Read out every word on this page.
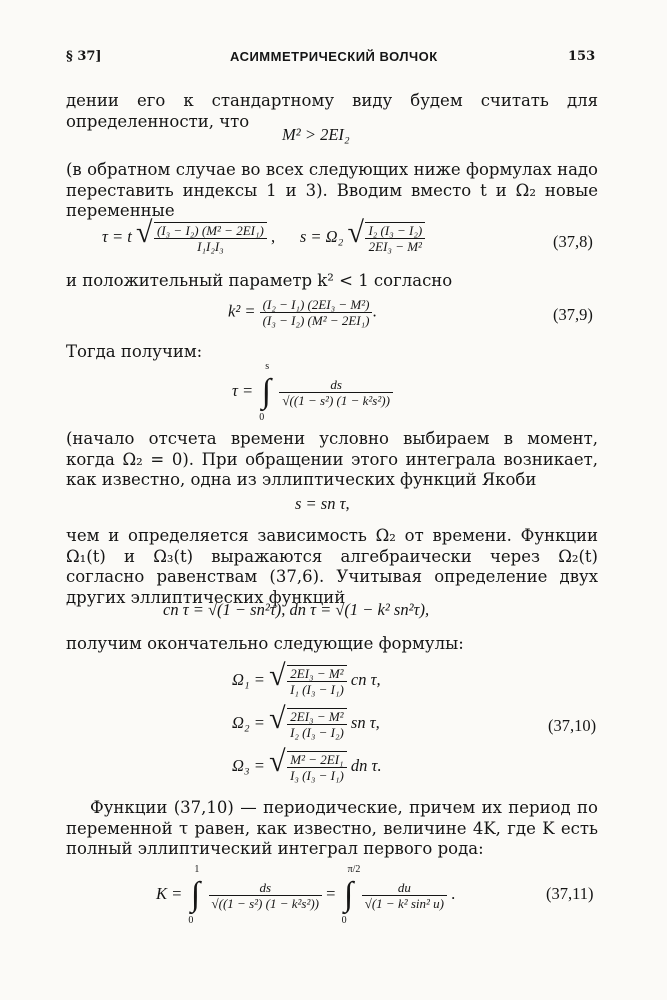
§ 37]	АСИММЕТРИЧЕСКИЙ ВОЛЧОК	153
дении его к стандартному виду будем считать для определенности, что
M² > 2EI₂
(в обратном случае во всех следующих ниже формулах надо переставить индексы 1 и 3). Вводим вместо t и Ω₂ новые переменные
τ = t √ $\frac{\text{(I₃ − I₂) (M² − 2EI₁)}}{\text{I₁I₂I₃}}$ ,      s = Ω₂ √ $\frac{\text{I₂ (I₃ − I₂)}}{\text{2EI₃ − M²}}$	(37,8)
и положительный параметр k² < 1 согласно
$k^2 = \frac{\text{(I₂ − I₁) (2EI₃ − M²)}}{\text{(I₃ − I₂) (M² − 2EI₁)}}$ .	(37,9)
Тогда получим:
τ =
s
∫
0

$\frac{ds}{\text{√((1 − s²) (1 − k²s²))}}$
(начало отсчета времени условно выбираем в момент, когда Ω₂ = 0). При обращении этого интеграла возникает, как известно, одна из эллиптических функций Якоби
s = sn τ,
чем и определяется зависимость Ω₂ от времени. Функции Ω₁(t) и Ω₃(t) выражаются алгебраически через Ω₂(t) согласно равенствам (37,6). Учитывая определение двух других эллиптических функций
cn τ = √(1 − sn²τ), dn τ = √(1 − k² sn²τ),
получим окончательно следующие формулы:
Ω₁ = √ $\frac{\text{2EI₃ − M²}}{\text{I₁ (I₃ − I₁)}}$ cn τ,
Ω₂ = √ $\frac{\text{2EI₃ − M²}}{\text{I₂ (I₃ − I₂)}}$ sn τ,
Ω₃ = √ $\frac{\text{M² − 2EI₁}}{\text{I₃ (I₃ − I₁)}}$ dn τ.
(37,10)
Функции (37,10) — периодические, причем их период по переменной τ равен, как известно, величине 4K, где K есть полный эллиптический интеграл первого рода:
K =
1
∫
0

$\frac{ds}{\text{√((1 − s²) (1 − k²s²))}}$ =
π/2
∫
0

$\frac{du}{\text{√(1 − k² sin² u)}}$ .	(37,11)
